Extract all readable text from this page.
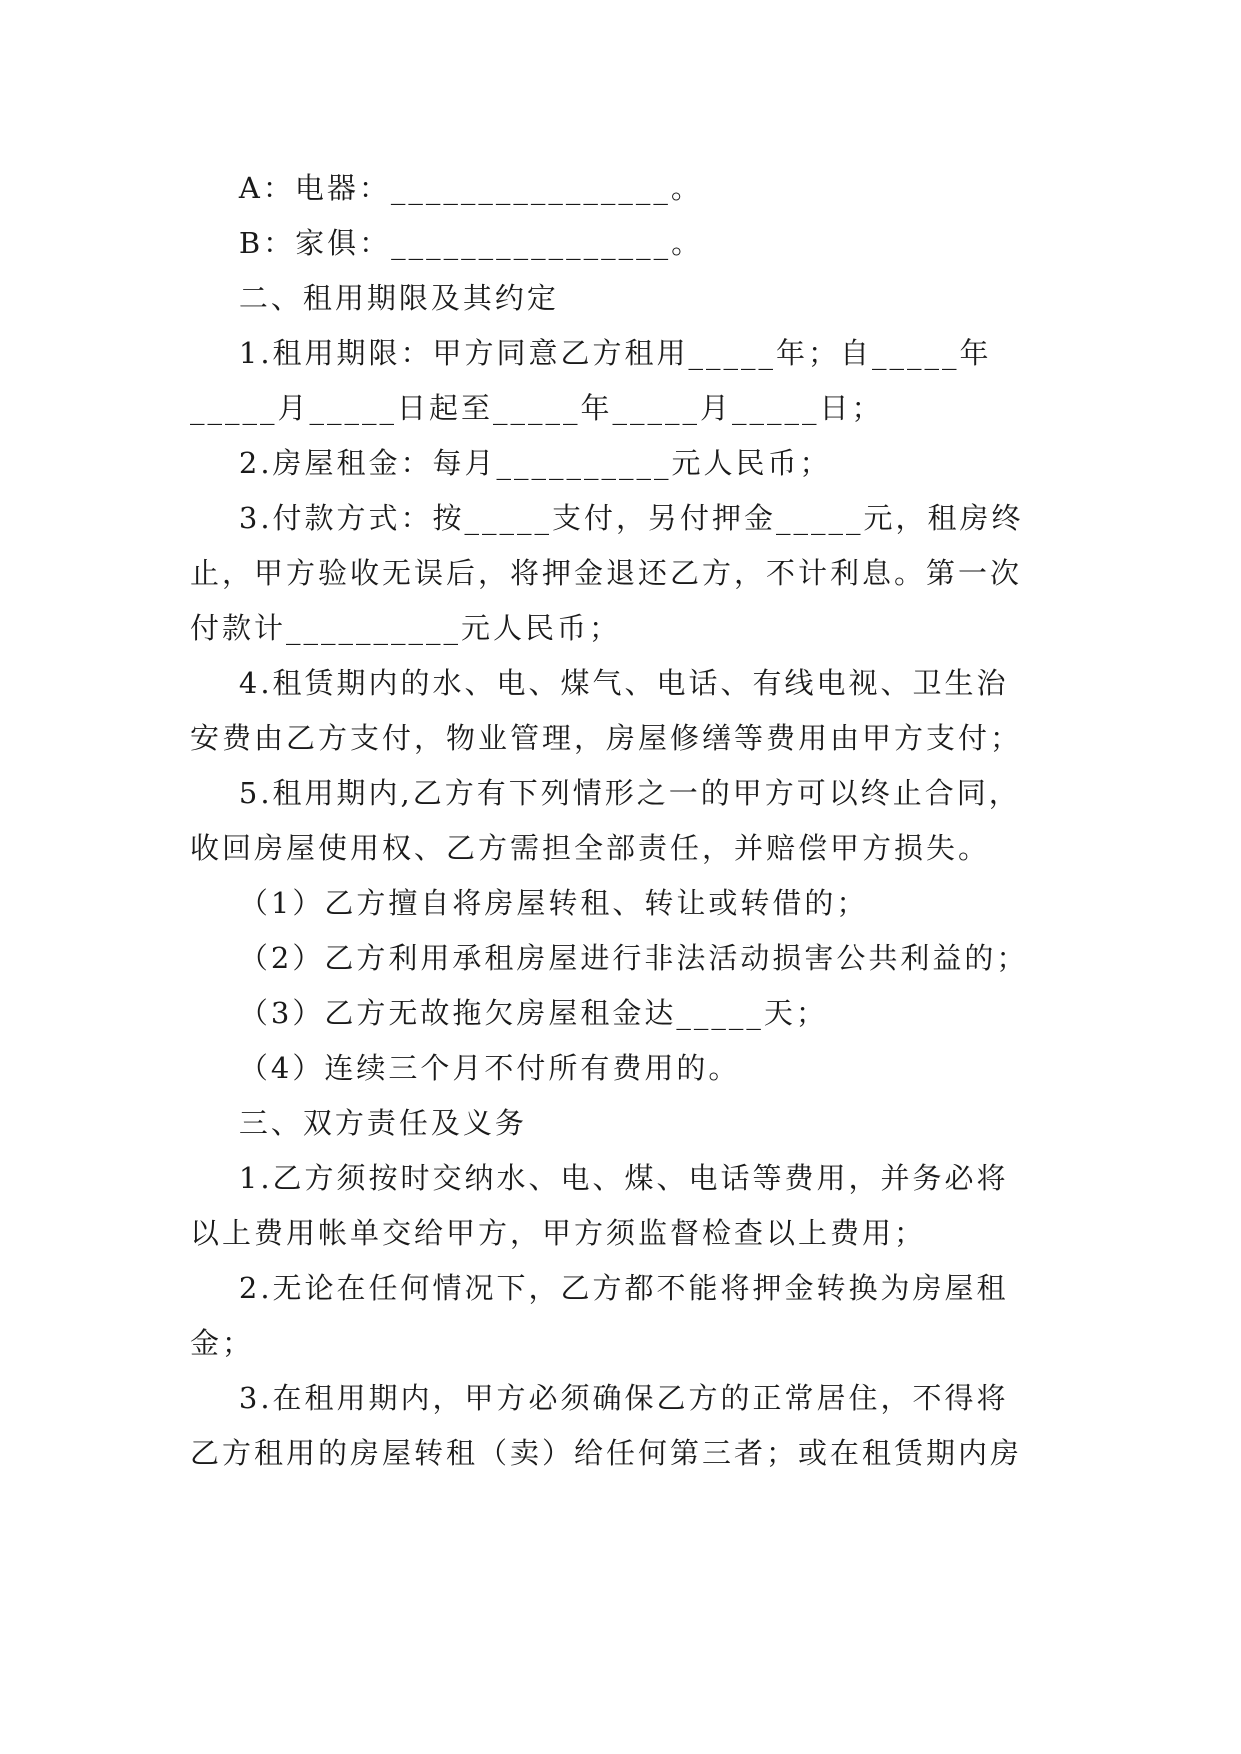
A：电器：________________。
B：家俱：________________。
二、租用期限及其约定
1.租用期限：甲方同意乙方租用_____年；自_____年
_____月_____日起至_____年_____月_____日；
2.房屋租金：每月__________元人民币；
3.付款方式：按_____支付，另付押金_____元，租房终
止，甲方验收无误后，将押金退还乙方，不计利息。第一次
付款计__________元人民币；
4.租赁期内的水、电、煤气、电话、有线电视、卫生治
安费由乙方支付，物业管理，房屋修缮等费用由甲方支付；
5.租用期内,乙方有下列情形之一的甲方可以终止合同，
收回房屋使用权、乙方需担全部责任，并赔偿甲方损失。
（1）乙方擅自将房屋转租、转让或转借的；
（2）乙方利用承租房屋进行非法活动损害公共利益的；
（3）乙方无故拖欠房屋租金达_____天；
（4）连续三个月不付所有费用的。
三、双方责任及义务
1.乙方须按时交纳水、电、煤、电话等费用，并务必将
以上费用帐单交给甲方，甲方须监督检查以上费用；
2.无论在任何情况下，乙方都不能将押金转换为房屋租
金；
3.在租用期内，甲方必须确保乙方的正常居住，不得将
乙方租用的房屋转租（卖）给任何第三者；或在租赁期内房
